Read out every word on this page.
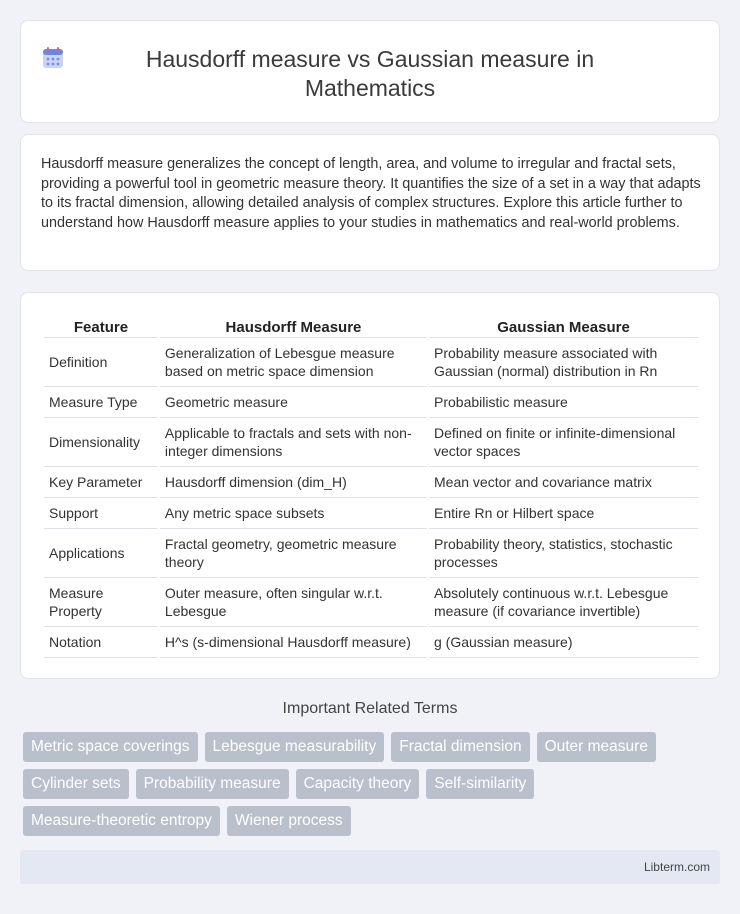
Hausdorff measure vs Gaussian measure in Mathematics

Hausdorff measure generalizes the concept of length, area, and volume to irregular and fractal sets, providing a powerful tool in geometric measure theory. It quantifies the size of a set in a way that adapts to its fractal dimension, allowing detailed analysis of complex structures. Explore this article further to understand how Hausdorff measure applies to your studies in mathematics and real-world problems.

Feature	Hausdorff Measure	Gaussian Measure
Definition	Generalization of Lebesgue measure based on metric space dimension	Probability measure associated with Gaussian (normal) distribution in Rn
Measure Type	Geometric measure	Probabilistic measure
Dimensionality	Applicable to fractals and sets with non-integer dimensions	Defined on finite or infinite-dimensional vector spaces
Key Parameter	Hausdorff dimension (dim_H)	Mean vector and covariance matrix
Support	Any metric space subsets	Entire Rn or Hilbert space
Applications	Fractal geometry, geometric measure theory	Probability theory, statistics, stochastic processes
Measure Property	Outer measure, often singular w.r.t. Lebesgue	Absolutely continuous w.r.t. Lebesgue measure (if covariance invertible)
Notation	H^s (s-dimensional Hausdorff measure)	g (Gaussian measure)
Important Related Terms
Metric space coverings	Lebesgue measurability	Fractal dimension	Outer measure
Cylinder sets	Probability measure	Capacity theory	Self-similarity
Measure-theoretic entropy	Wiener process
Libterm.com
